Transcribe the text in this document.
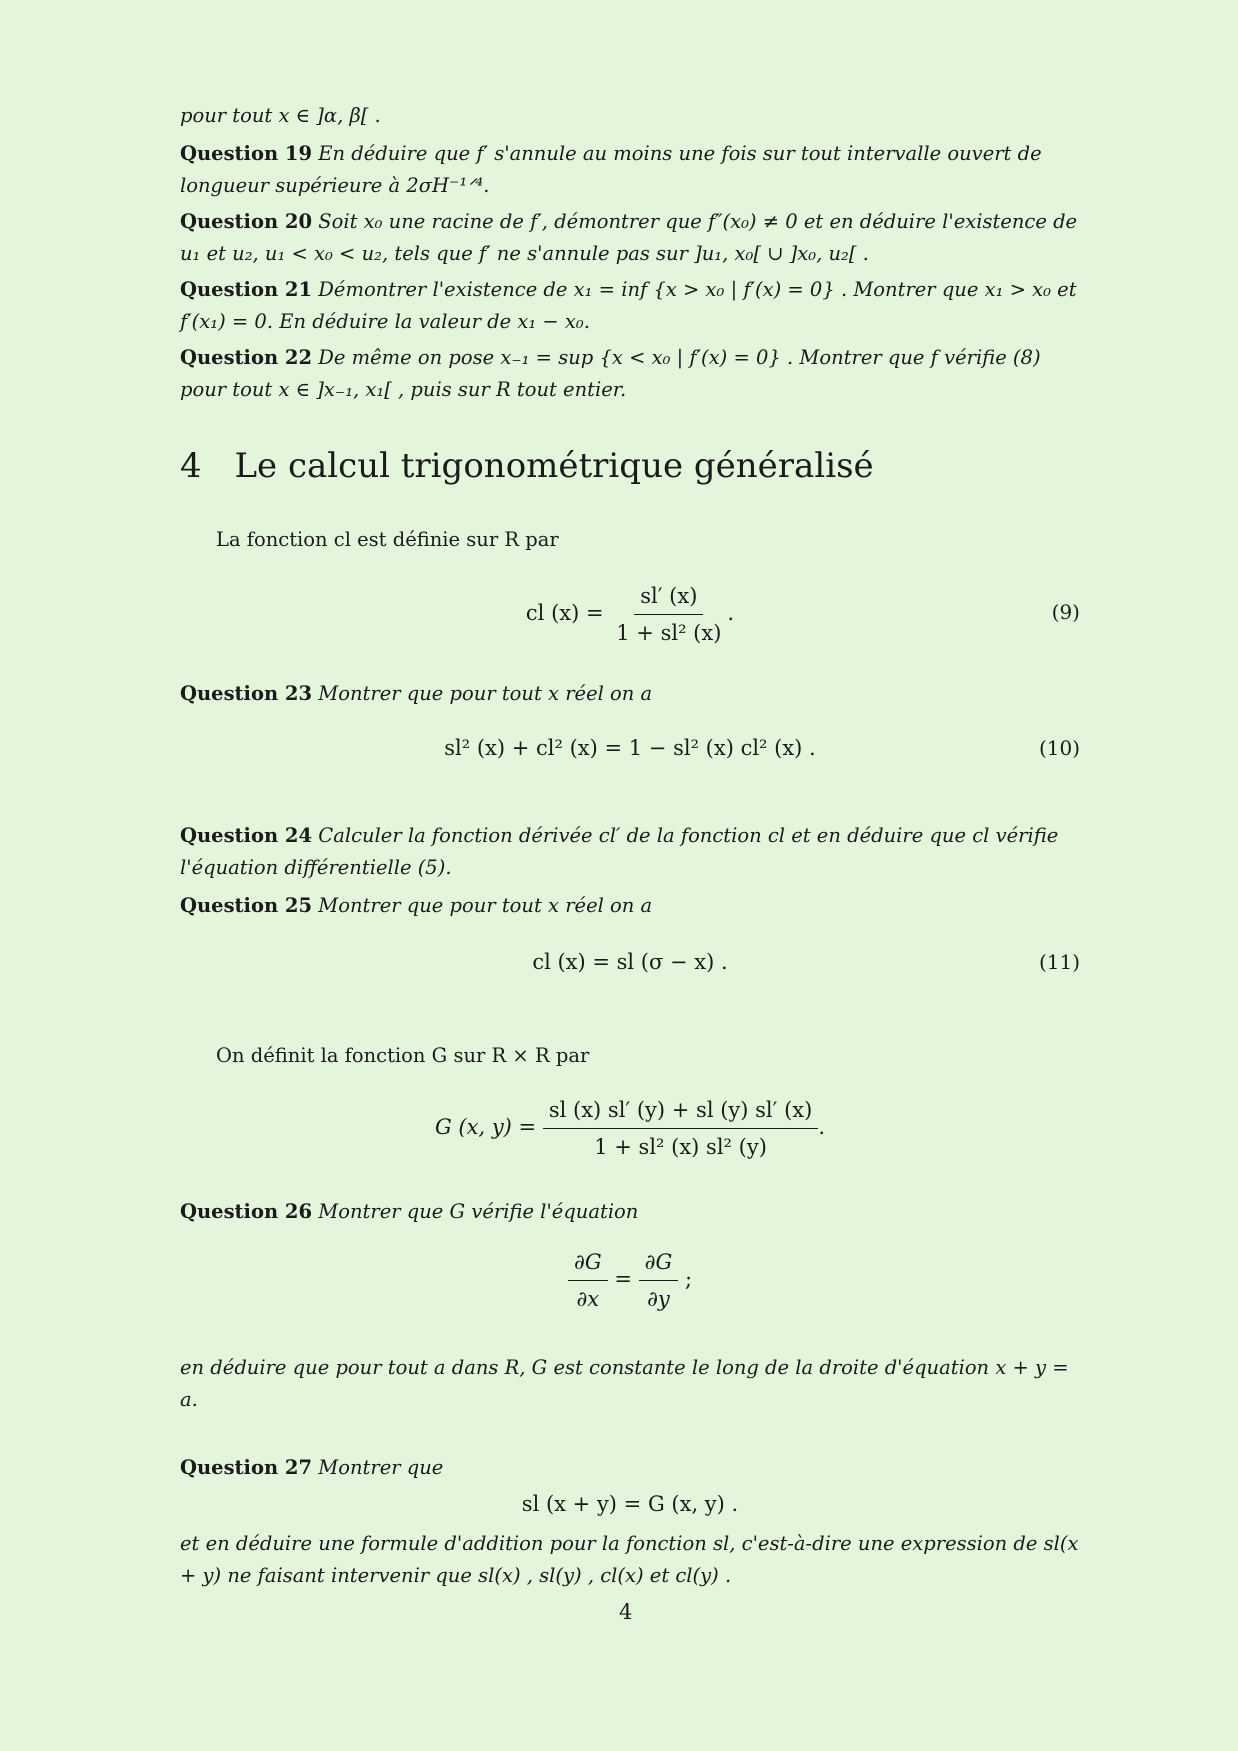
pour tout x ∈ ]α, β[ .
Question 19 En déduire que f′ s'annule au moins une fois sur tout intervalle ouvert de longueur supérieure à 2σH⁻¹ᐟ⁴.
Question 20 Soit x₀ une racine de f′, démontrer que f″(x₀) ≠ 0 et en déduire l'existence de u₁ et u₂, u₁ < x₀ < u₂, tels que f′ ne s'annule pas sur ]u₁, x₀[ ∪ ]x₀, u₂[ .
Question 21 Démontrer l'existence de x₁ = inf {x > x₀ | f′(x) = 0} . Montrer que x₁ > x₀ et f′(x₁) = 0. En déduire la valeur de x₁ − x₀.
Question 22 De même on pose x₋₁ = sup {x < x₀ | f′(x) = 0} . Montrer que f vérifie (8) pour tout x ∈ ]x₋₁, x₁[ , puis sur R tout entier.
4 Le calcul trigonométrique généralisé
La fonction cl est définie sur R par
cl $(x) = \frac{sl' (x)}{\text{1 + sl² (x)}}$ .	(9)
Question 23 Montrer que pour tout x réel on a
sl² (x) + cl² (x) = 1 − sl² (x) cl² (x) .	(10)
Question 24 Calculer la fonction dérivée cl′ de la fonction cl et en déduire que cl vérifie l'équation différentielle (5).
Question 25 Montrer que pour tout x réel on a
cl (x) = sl (σ − x) .	(11)
On définit la fonction G sur R × R par
G (x, $y) = \frac{sl (x) sl' (y) + sl (y) sl' (x)}{\text{1 + sl² (x) sl² (y)}}$ .
Question 26 Montrer que G vérifie l'équation
$\frac{\partial G}{\partial x} = \frac{\partial G}{\partial y}$ ;
en déduire que pour tout a dans R, G est constante le long de la droite d'équation x + y = a.
Question 27 Montrer que
sl (x + y) = G (x, y) .
et en déduire une formule d'addition pour la fonction sl, c'est-à-dire une expression de sl(x + y) ne faisant intervenir que sl(x) , sl(y) , cl(x) et cl(y) .
4
